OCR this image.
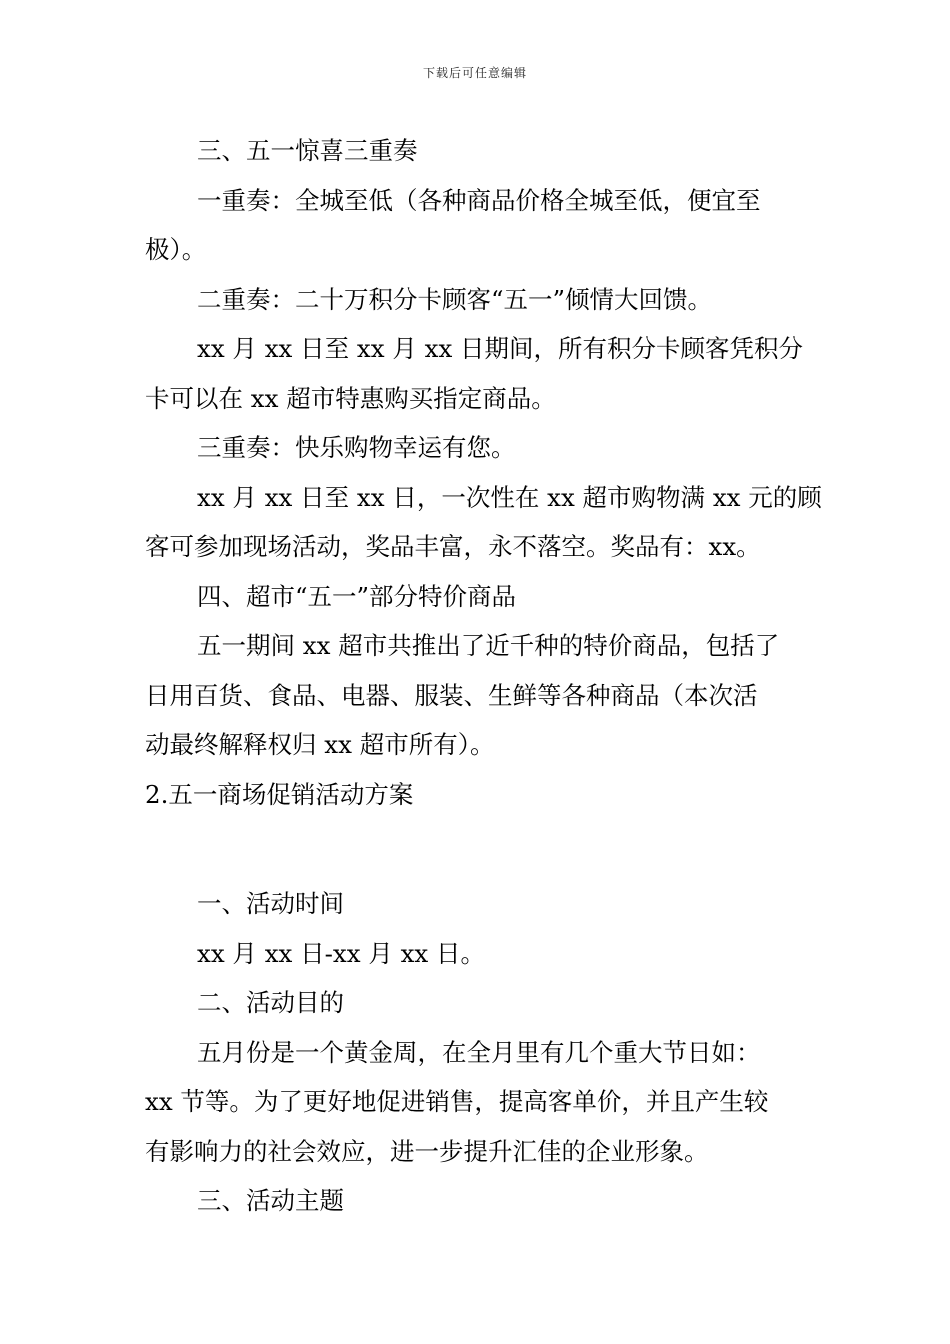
下载后可任意编辑

三、五一惊喜三重奏

一重奏：全城至低（各种商品价格全城至低，便宜至

极）。

二重奏：二十万积分卡顾客“五一”倾情大回馈。

xx 月 xx 日至 xx 月 xx 日期间，所有积分卡顾客凭积分

卡可以在 xx 超市特惠购买指定商品。

三重奏：快乐购物幸运有您。

xx 月 xx 日至 xx 日，一次性在 xx 超市购物满 xx 元的顾

客可参加现场活动，奖品丰富，永不落空。奖品有：xx。

四、超市“五一”部分特价商品

五一期间 xx 超市共推出了近千种的特价商品，包括了

日用百货、食品、电器、服装、生鲜等各种商品（本次活

动最终解释权归 xx 超市所有）。

2.五一商场促销活动方案

一、活动时间

xx 月 xx 日-xx 月 xx 日。

二、活动目的

五月份是一个黄金周，在全月里有几个重大节日如：

xx 节等。为了更好地促进销售，提高客单价，并且产生较

有影响力的社会效应，进一步提升汇佳的企业形象。

三、活动主题
